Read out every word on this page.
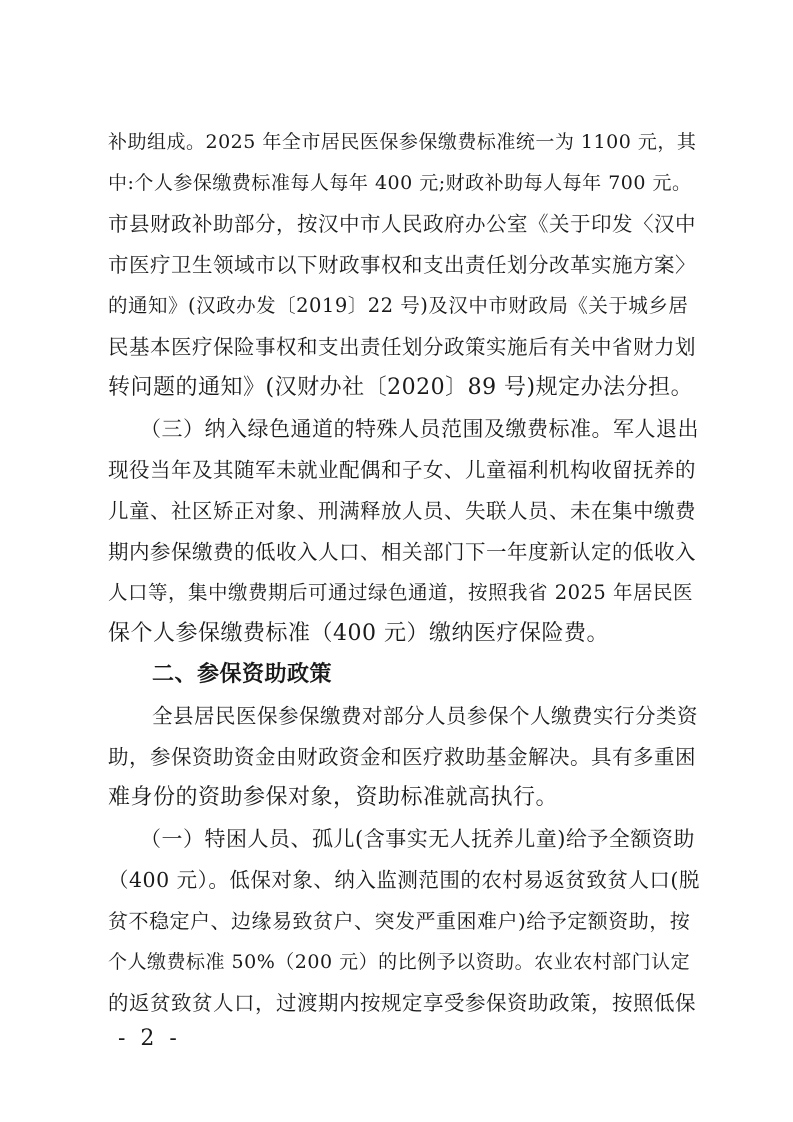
补助组成。2025 年全市居民医保参保缴费标准统一为 1100 元，其
中:个人参保缴费标准每人每年 400 元;财政补助每人每年 700 元。
市县财政补助部分，按汉中市人民政府办公室《关于印发〈汉中
市医疗卫生领域市以下财政事权和支出责任划分改革实施方案〉
的通知》(汉政办发〔2019〕22 号)及汉中市财政局《关于城乡居
民基本医疗保险事权和支出责任划分政策实施后有关中省财力划
转问题的通知》(汉财办社〔2020〕89 号)规定办法分担。
（三）纳入绿色通道的特殊人员范围及缴费标准。军人退出
现役当年及其随军未就业配偶和子女、儿童福利机构收留抚养的
儿童、社区矫正对象、刑满释放人员、失联人员、未在集中缴费
期内参保缴费的低收入人口、相关部门下一年度新认定的低收入
人口等，集中缴费期后可通过绿色通道，按照我省 2025 年居民医
保个人参保缴费标准（400 元）缴纳医疗保险费。
二、参保资助政策
全县居民医保参保缴费对部分人员参保个人缴费实行分类资
助，参保资助资金由财政资金和医疗救助基金解决。具有多重困
难身份的资助参保对象，资助标准就高执行。
（一）特困人员、孤儿(含事实无人抚养儿童)给予全额资助
（400 元）。低保对象、纳入监测范围的农村易返贫致贫人口(脱
贫不稳定户、边缘易致贫户、突发严重困难户)给予定额资助，按
个人缴费标准 50%（200 元）的比例予以资助。农业农村部门认定
的返贫致贫人口，过渡期内按规定享受参保资助政策，按照低保
- 2 -
